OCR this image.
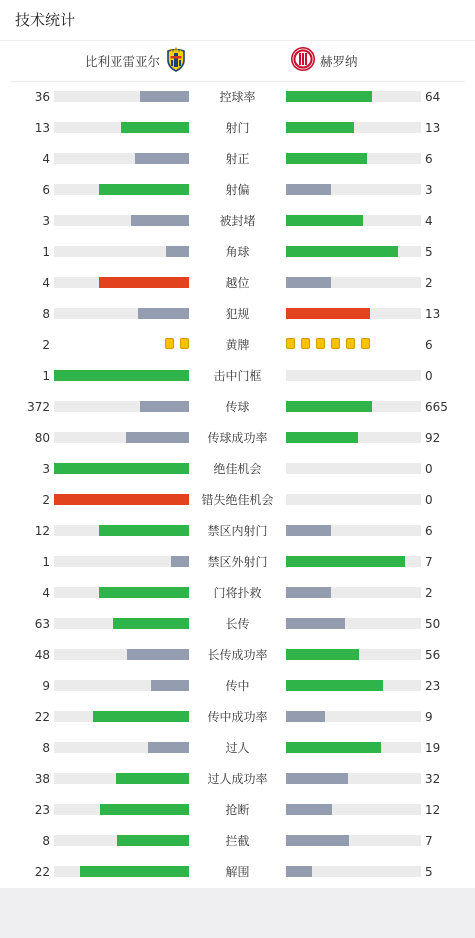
技术统计
比利亚雷亚尔	赫罗纳
36	控球率	64
13	射门	13
4	射正	6
6	射偏	3
3	被封堵	4
1	角球	5
4	越位	2
8	犯规	13
2	黄牌	6
1	击中门框	0
372	传球	665
80	传球成功率	92
3	绝佳机会	0
2	错失绝佳机会	0
12	禁区内射门	6
1	禁区外射门	7
4	门将扑救	2
63	长传	50
48	长传成功率	56
9	传中	23
22	传中成功率	9
8	过人	19
38	过人成功率	32
23	抢断	12
8	拦截	7
22	解围	5
